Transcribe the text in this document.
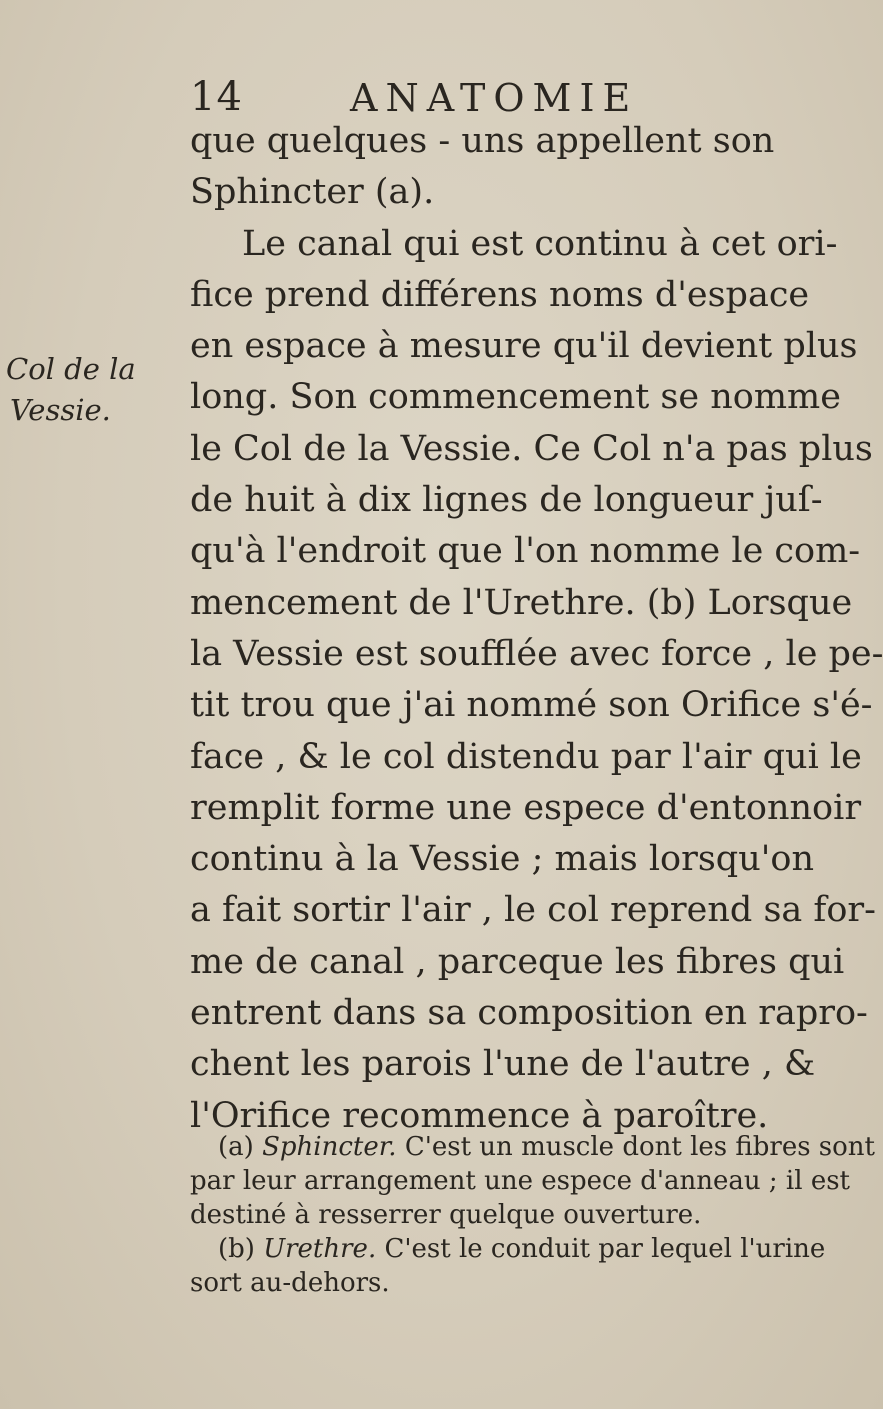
14	ANATOMIE
Col de la
Vessie.
que quelques - uns appellent son
Sphincter (a).
Le canal qui est continu à cet ori-
fice prend différens noms d'espace
en espace à mesure qu'il devient plus
long. Son commencement se nomme
le Col de la Vessie. Ce Col n'a pas plus
de huit à dix lignes de longueur juſ-
qu'à l'endroit que l'on nomme le com-
mencement de l'Urethre. (b) Lorsque
la Vessie est soufflée avec force , le pe-
tit trou que j'ai nommé son Orifice s'é-
face , & le col distendu par l'air qui le
remplit forme une espece d'entonnoir
continu à la Vessie ; mais lorsqu'on
a fait sortir l'air , le col reprend sa for-
me de canal , parceque les fibres qui
entrent dans sa composition en rapro-
chent les parois l'une de l'autre , &
l'Orifice recommence à paroître.
(a) Sphincter. C'est un muscle dont les fibres sont
par leur arrangement une espece d'anneau ; il est
destiné à resserrer quelque ouverture.
(b) Urethre. C'est le conduit par lequel l'urine
sort au-dehors.
